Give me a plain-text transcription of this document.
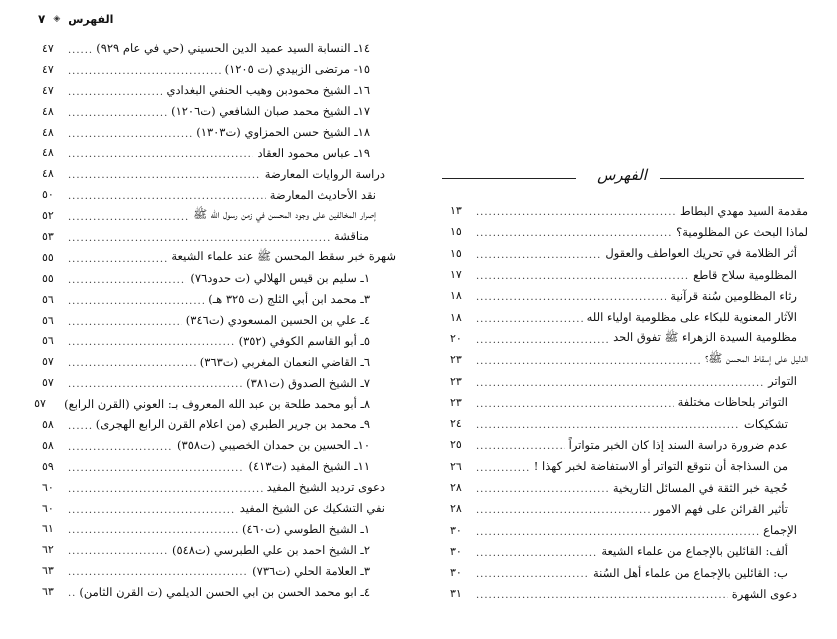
٧ ◈ الفهرس
١٤ـ النسابة السيد عميد الدين الحسيني (حي في عام ٩٢٩)
.....
٤٧
١٥- مرتضى الزبيدي (ت ١٢٠٥)
.....
٤٧
١٦ـ الشيخ محمودبن وهيب الحنفي البغدادي
.....
٤٧
١٧ـ الشيخ محمد صبان الشافعي (ت١٢٠٦)
.....
٤٨
١٨ـ الشيخ حسن الحمزاوي (ت١٣٠٣)
.....
٤٨
١٩ـ عباس محمود العقاد
.....
٤٨
دراسة الروايات المعارضة
.....
٤٨
نقد الأحاديث المعارضة
.....
٥٠
إصرار المخالفين على وجود المحسن في زمن رسول الله ﷺ
.....
٥٢
مناقشة
.....
٥٣
شهرة خبر سقط المحسن ﷺ عند علماء الشيعة
.....
٥٥
١ـ سليم بن قيس الهلالي (ت حدود٧٦)
.....
٥٥
٣ـ محمد ابن أبي الثلج (ت ٣٢٥ هـ)
.....
٥٦
٤ـ علي بن الحسين المسعودي (ت٣٤٦)
.....
٥٦
٥ـ أبو القاسم الكوفي (٣٥٢)
.....
٥٦
٦ـ القاضي النعمان المغربي (ت٣٦٣)
.....
٥٧
٧ـ الشيخ الصدوق (ت٣٨١)
.....
٥٧
٨ـ أبو محمد طلحة بن عبد الله المعروف بـ: العوني (القرن الرابع)
٥٧
٩ـ محمد بن جرير الطبري (من اعلام القرن الرابع الهجرى)
.....
٥٨
١٠ـ الحسين بن حمدان الخصيبي (ت٣٥٨)
.....
٥٨
١١ـ الشيخ المفيد (ت٤١٣)
.....
٥٩
دعوى ترديد الشيخ المفيد
.....
٦٠
نفي التشكيك عن الشيخ المفيد
.....
٦٠
١ـ الشيخ الطوسي (ت٤٦٠)
.....
٦١
٢ـ الشيخ احمد بن علي الطبرسي (ت٥٤٨)
.....
٦٢
٣ـ العلامة الحلي (ت٧٣٦)
.....
٦٣
٤ـ ابو محمد الحسن بن ابي الحسن الديلمي (ت القرن الثامن)
.....
٦٣
الفهرس
مقدمة السيد مهدي البطاط
.....
١٣
لماذا البحث عن المظلومية؟
.....
١٥
أثر الظلامة في تحريك العواطف والعقول
.....
١٥
المظلومية سلاح قاطع
.....
١٧
رثاء المظلومين سُنة قرآنية
.....
١٨
الآثار المعنوية للبكاء على مظلومية اولياء الله
.....
١٨
مظلومية السيدة الزهراء ﷺ تفوق الحد
.....
٢٠
الدليل على إسقاط المحسن ﷺ؟
.....
٢٣
التواتر
.....
٢٣
التواتر بلحاظات مختلفة
.....
٢٣
تشكيكات
.....
٢٤
عدم ضرورة دراسة السند إذا كان الخبر متواتراً
.....
٢٥
من السذاجة أن نتوقع التواتر أو الاستفاضة لخبر كهذا !
.....
٢٦
حُجية خبر الثقة في المسائل التاريخية
.....
٢٨
تأثير القرائن على فهم الامور
.....
٢٨
الإجماع
.....
٣٠
ألف: القائلين بالإجماع من علماء الشيعة
.....
٣٠
ب: القائلين بالإجماع من علماء أهل السُنة
.....
٣٠
دعوى الشهرة
.....
٣١
